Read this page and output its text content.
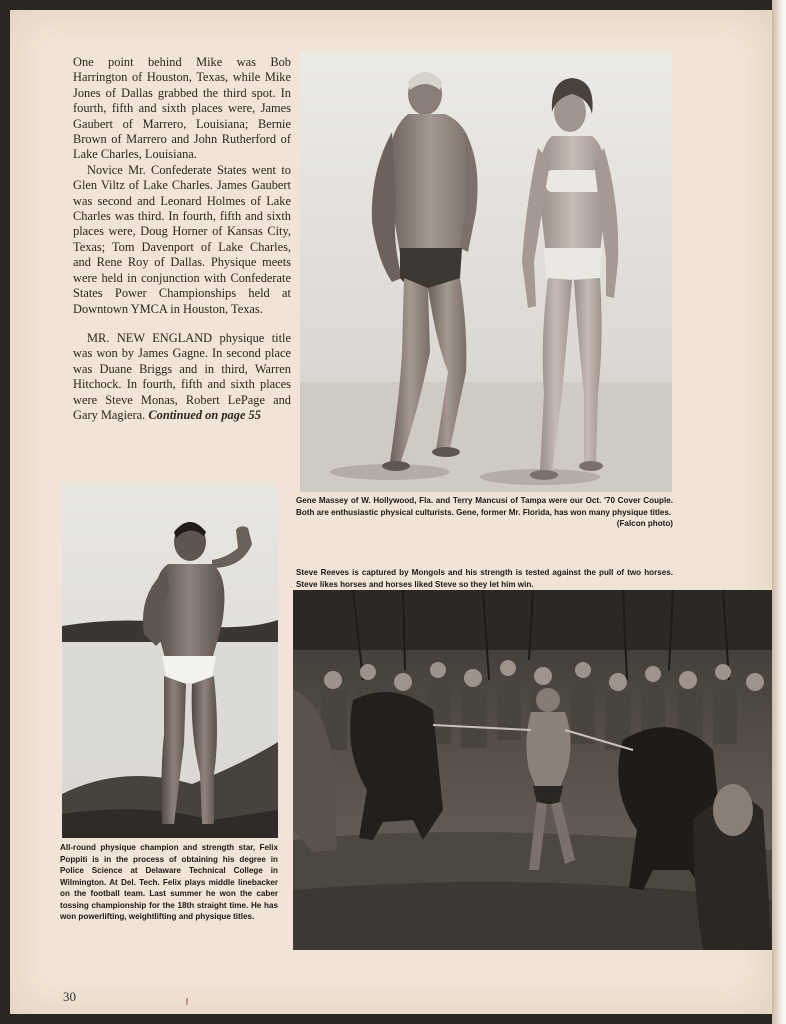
One point behind Mike was Bob Harrington of Houston, Texas, while Mike Jones of Dallas grabbed the third spot. In fourth, fifth and sixth places were, James Gaubert of Marrero, Louisiana; Bernie Brown of Marrero and John Rutherford of Lake Charles, Louisiana.

Novice Mr. Confederate States went to Glen Viltz of Lake Charles. James Gaubert was second and Leonard Holmes of Lake Charles was third. In fourth, fifth and sixth places were, Doug Horner of Kansas City, Texas; Tom Davenport of Lake Charles, and Rene Roy of Dallas. Physique meets were held in conjunction with Confederate States Power Championships held at Downtown YMCA in Houston, Texas.

MR. NEW ENGLAND physique title was won by James Gagne. In second place was Duane Briggs and in third, Warren Hitchock. In fourth, fifth and sixth places were Steve Monas, Robert LePage and Gary Magiera. Continued on page 55

Gene Massey of W. Hollywood, Fla. and Terry Mancusi of Tampa were our Oct. '70 Cover Couple. Both are enthusiastic physical culturists. Gene, former Mr. Florida, has won many physique titles.
(Falcon photo)

All-round physique champion and strength star, Felix Poppiti is in the process of obtaining his degree in Police Science at Delaware Technical College in Wilmington. At Del. Tech. Felix plays middle linebacker on the football team. Last summer he won the caber tossing championship for the 18th straight time. He has won powerlifting, weightlifting and physique titles.

Steve Reeves is captured by Mongols and his strength is tested against the pull of two horses. Steve likes horses and horses liked Steve so they let him win.

30
